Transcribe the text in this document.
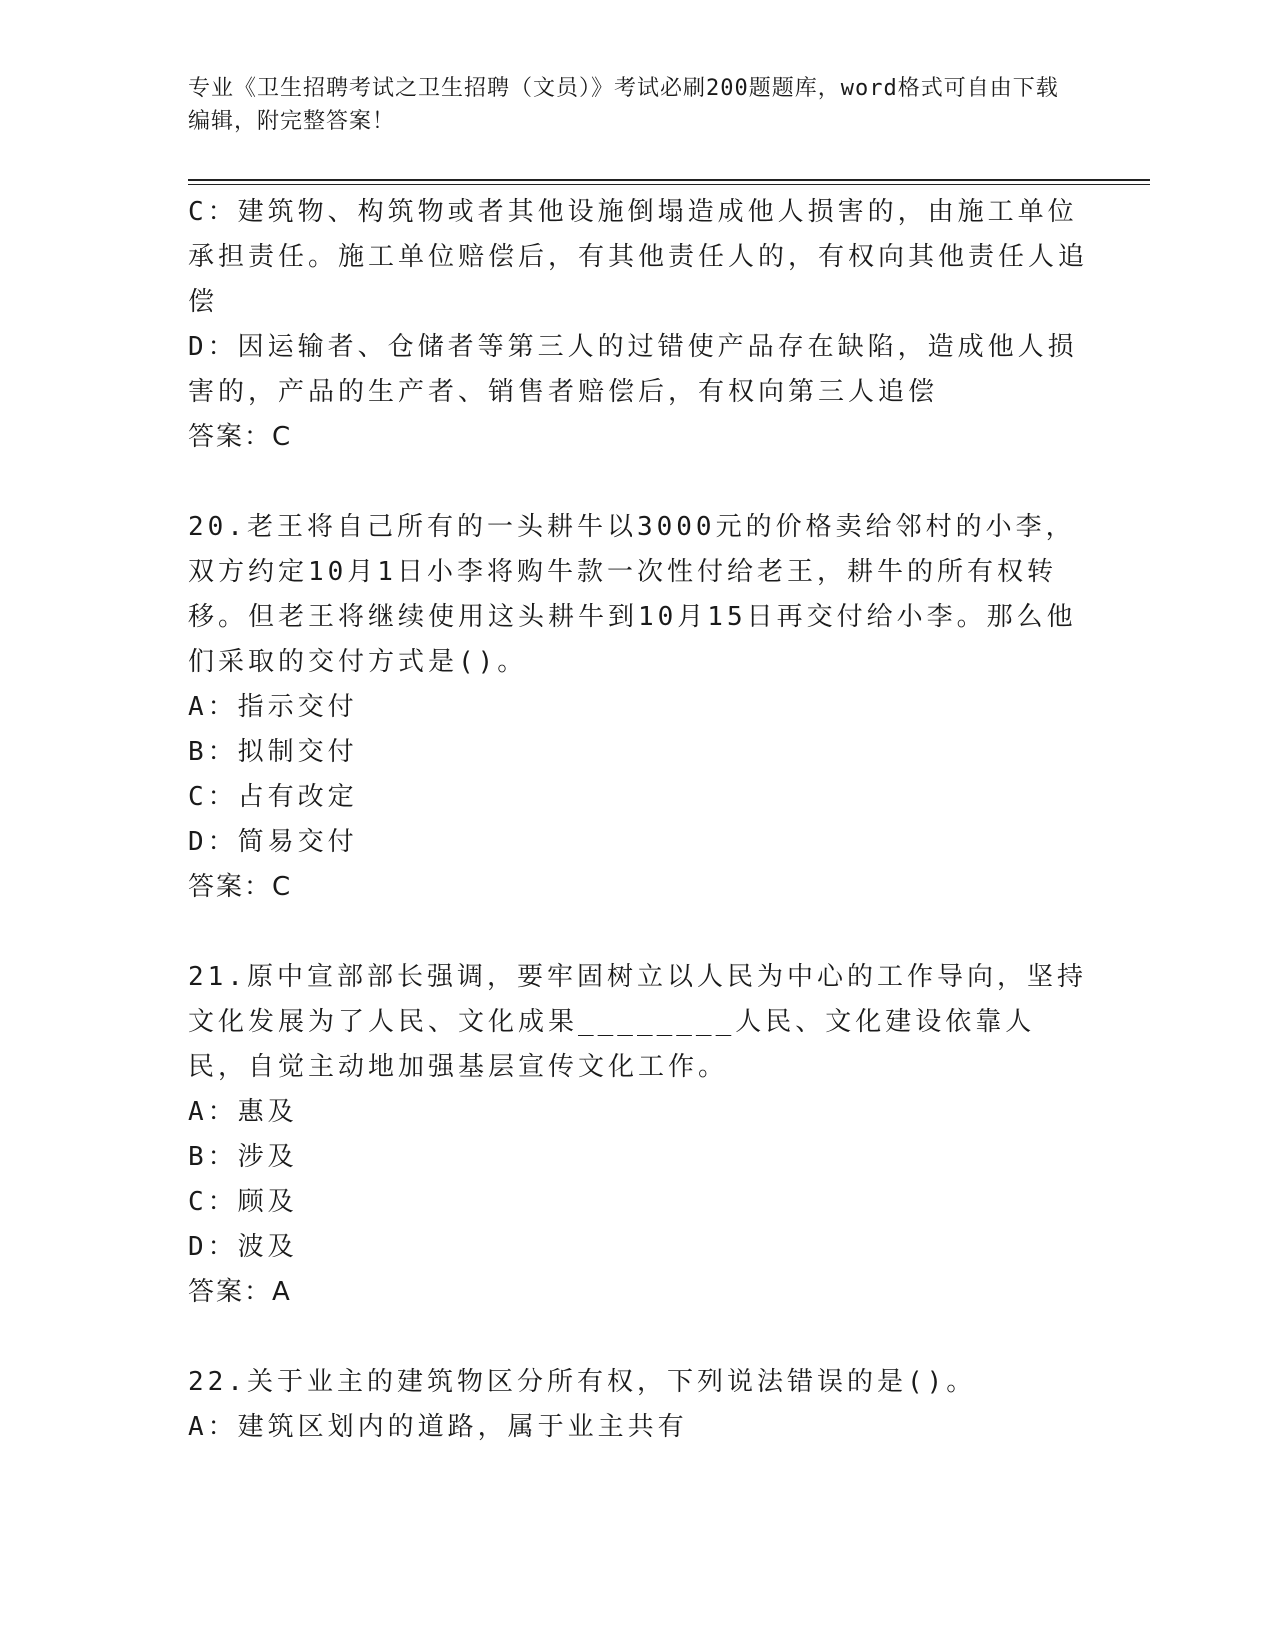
专业《卫生招聘考试之卫生招聘（文员）》考试必刷200题题库，word格式可自由下载编辑，附完整答案！

C：建筑物、构筑物或者其他设施倒塌造成他人损害的，由施工单位承担责任。施工单位赔偿后，有其他责任人的，有权向其他责任人追偿

D：因运输者、仓储者等第三人的过错使产品存在缺陷，造成他人损害的，产品的生产者、销售者赔偿后，有权向第三人追偿

答案：C

20.老王将自己所有的一头耕牛以3000元的价格卖给邻村的小李，双方约定10月1日小李将购牛款一次性付给老王，耕牛的所有权转移。但老王将继续使用这头耕牛到10月15日再交付给小李。那么他们采取的交付方式是()。

A：指示交付

B：拟制交付

C：占有改定

D：简易交付

答案：C

21.原中宣部部长强调，要牢固树立以人民为中心的工作导向，坚持文化发展为了人民、文化成果________人民、文化建设依靠人民，自觉主动地加强基层宣传文化工作。

A：惠及

B：涉及

C：顾及

D：波及

答案：A

22.关于业主的建筑物区分所有权，下列说法错误的是()。

A：建筑区划内的道路，属于业主共有
